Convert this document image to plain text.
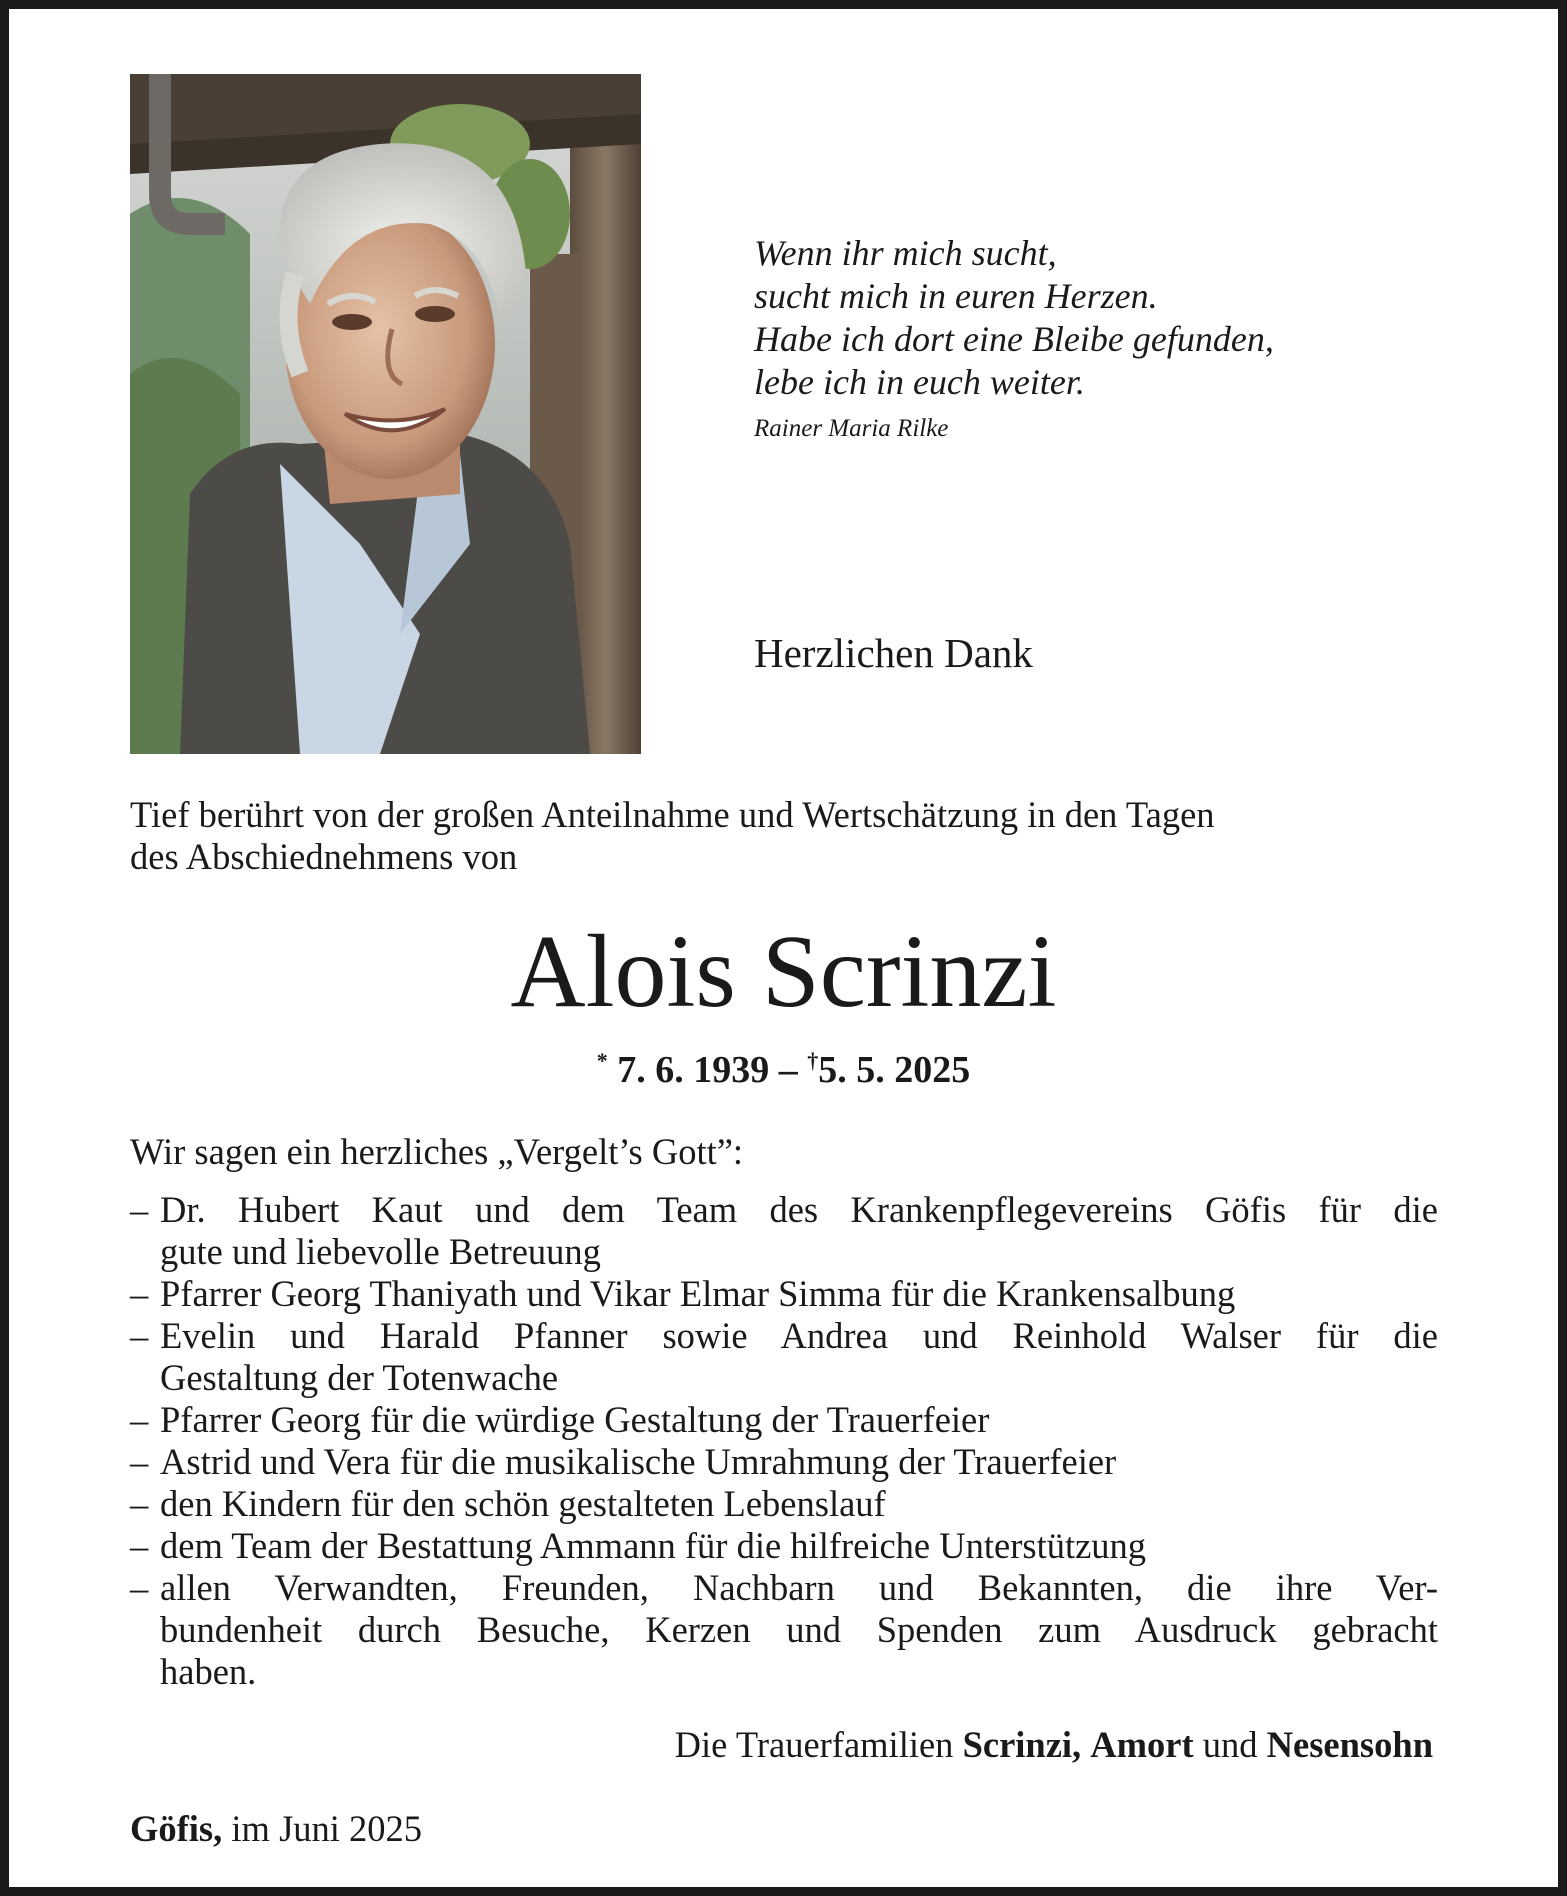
Wenn ihr mich sucht,
sucht mich in euren Herzen.
Habe ich dort eine Bleibe gefunden,
lebe ich in euch weiter.
Rainer Maria Rilke
Herzlichen Dank
Tief berührt von der großen Anteilnahme und Wertschätzung in den Tagen
des Abschiednehmens von
Alois Scrinzi
* 7. 6. 1939 – †5. 5. 2025
Wir sagen ein herzliches „Vergelt’s Gott”:
– Dr. Hubert Kaut und dem Team des Krankenpflegevereins Göfis für die
gute und liebevolle Betreuung
– Pfarrer Georg Thaniyath und Vikar Elmar Simma für die Krankensalbung
– Evelin und Harald Pfanner sowie Andrea und Reinhold Walser für die
Gestaltung der Totenwache
– Pfarrer Georg für die würdige Gestaltung der Trauerfeier
– Astrid und Vera für die musikalische Umrahmung der Trauerfeier
– den Kindern für den schön gestalteten Lebenslauf
– dem Team der Bestattung Ammann für die hilfreiche Unterstützung
– allen Verwandten, Freunden, Nachbarn und Bekannten, die ihre Ver-
bundenheit durch Besuche, Kerzen und Spenden zum Ausdruck gebracht
haben.
Die Trauerfamilien Scrinzi, Amort und Nesensohn
Göfis, im Juni 2025
